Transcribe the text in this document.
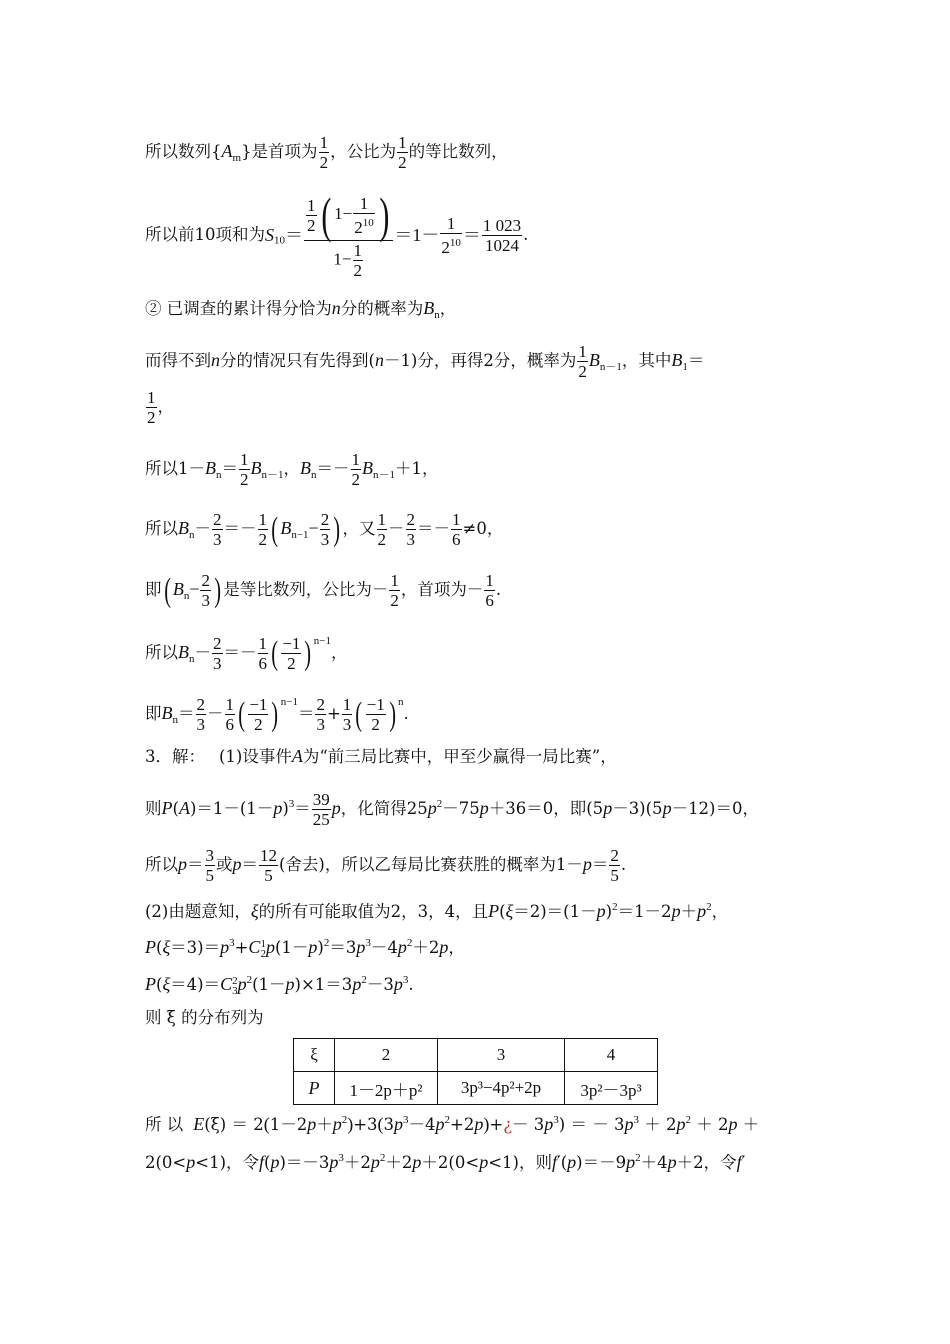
所以数列$\{A_m\}$是首项为 $\frac{1}{2}$ ，公比为 $\frac{1}{2}$ 的等比数列，
所以前10项和为$S_{10}= \frac{\frac{1}{2} ( 1- \frac{1}{2^{10}} )}{1- \frac{1}{2}} =1- \frac{1}{2^{10}} = \frac{1 023}{1024}$ .
② 已调查的累计得分恰为n分的概率为$B_n$，
而得不到n分的情况只有先得到(n－1)分，再得2分，概率为 $\frac{1}{2} B_{n-1}$，其中$B_1=$
$\frac{1}{2}$ ，
所以$1-B_n= \frac{1}{2} B_{n-1}$，$B_n=- \frac{1}{2} B_{n-1}+1$，
所以$B_n- \frac{2}{3} =- \frac{1}{2}$ ( $B_{n-1}- \frac{2}{3}$ ) ，又 $\frac{1}{2} - \frac{2}{3} =- \frac{1}{6} \ne 0$，
即( $B_n- \frac{2}{3}$ ) 是等比数列，公比为－ $\frac{1}{2}$ ，首项为－ $\frac{1}{6}$ .
所以$B_n- \frac{2}{3} =- \frac{1}{6}$ ( $\frac{-1}{2}$ ) $^{n-1}$，
即$B_n= \frac{2}{3} - \frac{1}{6}$ ( $\frac{-1}{2}$ ) $^{n-1}= \frac{2}{3} + \frac{1}{3}$ ( $\frac{-1}{2}$ ) $^n$.
3．解： (1)设事件A为“前三局比赛中，甲至少赢得一局比赛”，
则$P(A)=1-(1-p)^3= \frac{39}{25}$ p，化简得$25p^2-75p+36=0$，即(5p－3)(5p－12)＝0，
所以$p= \frac{3}{5}$ 或$p= \frac{12}{5}$ (舍去)，所以乙每局比赛获胜的概率为$1-p= \frac{2}{5}$ .
(2)由题意知，ξ的所有可能取值为2，3，4，且$P(\xi=2)=(1-p)^2=1-2p+p^2$，
$P(\xi=3)=p^3+C$ 1
2 $p(1-p)^2=3p^3-4p^2+2p$，
P(ξ＝4)＝C 2
3 $p^2(1-p)\times 1=3p^2-3p^3$.
则 ξ 的分布列为
ξ	2	3	4
P	1－2p＋p²	3p³−4p²+2p	3p²－3p³
所 以 $E(\xi) = 2(1-2p+p^2)+3(3p^3-4p^2+2p)+¿- 3p^3$) ＝ － $3p^3 + 2p^2 + 2p$ ＋
2(0<p<1)，令$f(p)=-3p^3+2p^2+2p+2(0<p<1)$，则$f'(p)=-9p^2+4p+2$，令f′
